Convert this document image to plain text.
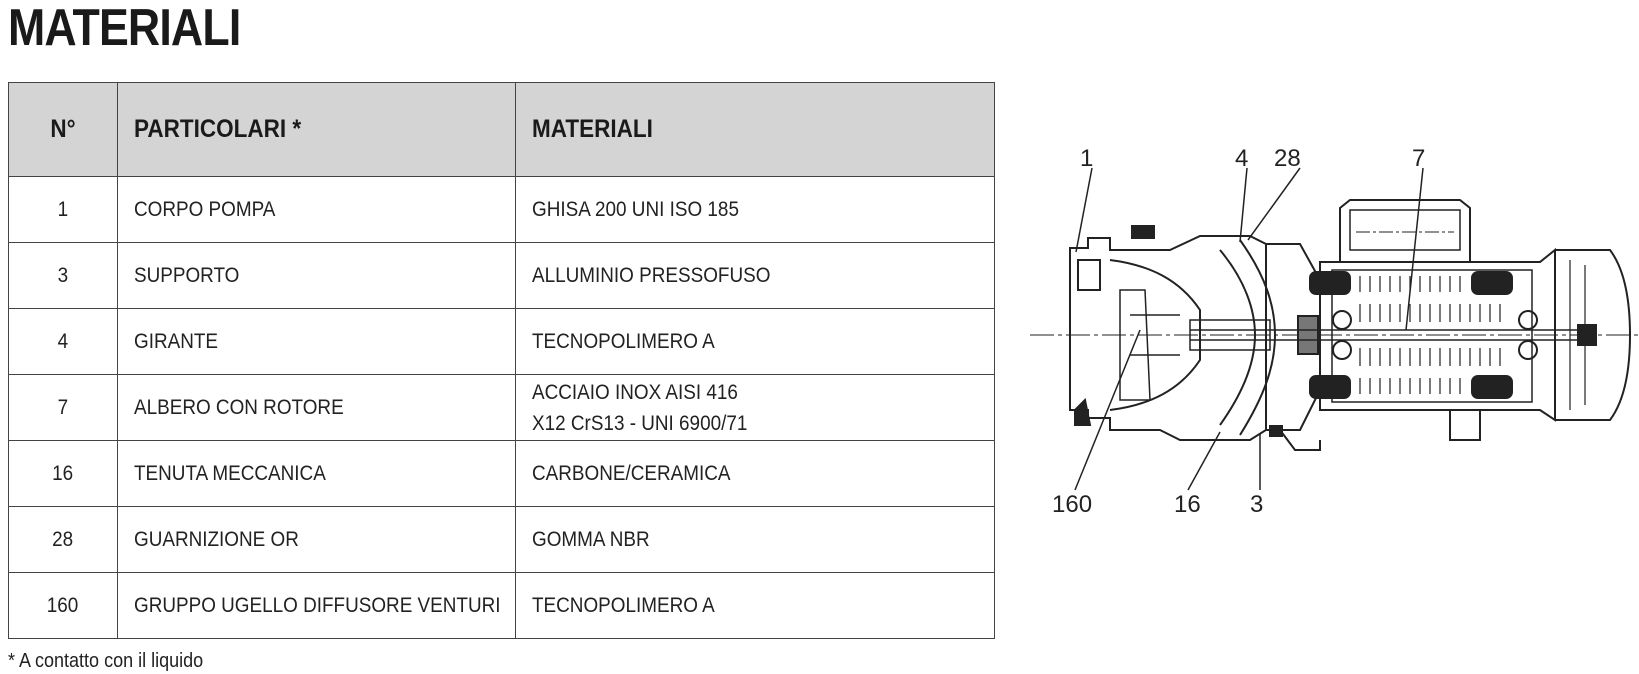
MATERIALI
N°	PARTICOLARI *	MATERIALI
1	CORPO POMPA	GHISA 200 UNI ISO 185
3	SUPPORTO	ALLUMINIO PRESSOFUSO
4	GIRANTE	TECNOPOLIMERO A
7	ALBERO CON ROTORE	ACCIAIO INOX AISI 416
X12 CrS13 - UNI 6900/71

16	TENUTA MECCANICA	CARBONE/CERAMICA
28	GUARNIZIONE OR	GOMMA NBR
160	GRUPPO UGELLO DIFFUSORE VENTURI	TECNOPOLIMERO A
* A contatto con il liquido
1	4 28	7
160	16 3
